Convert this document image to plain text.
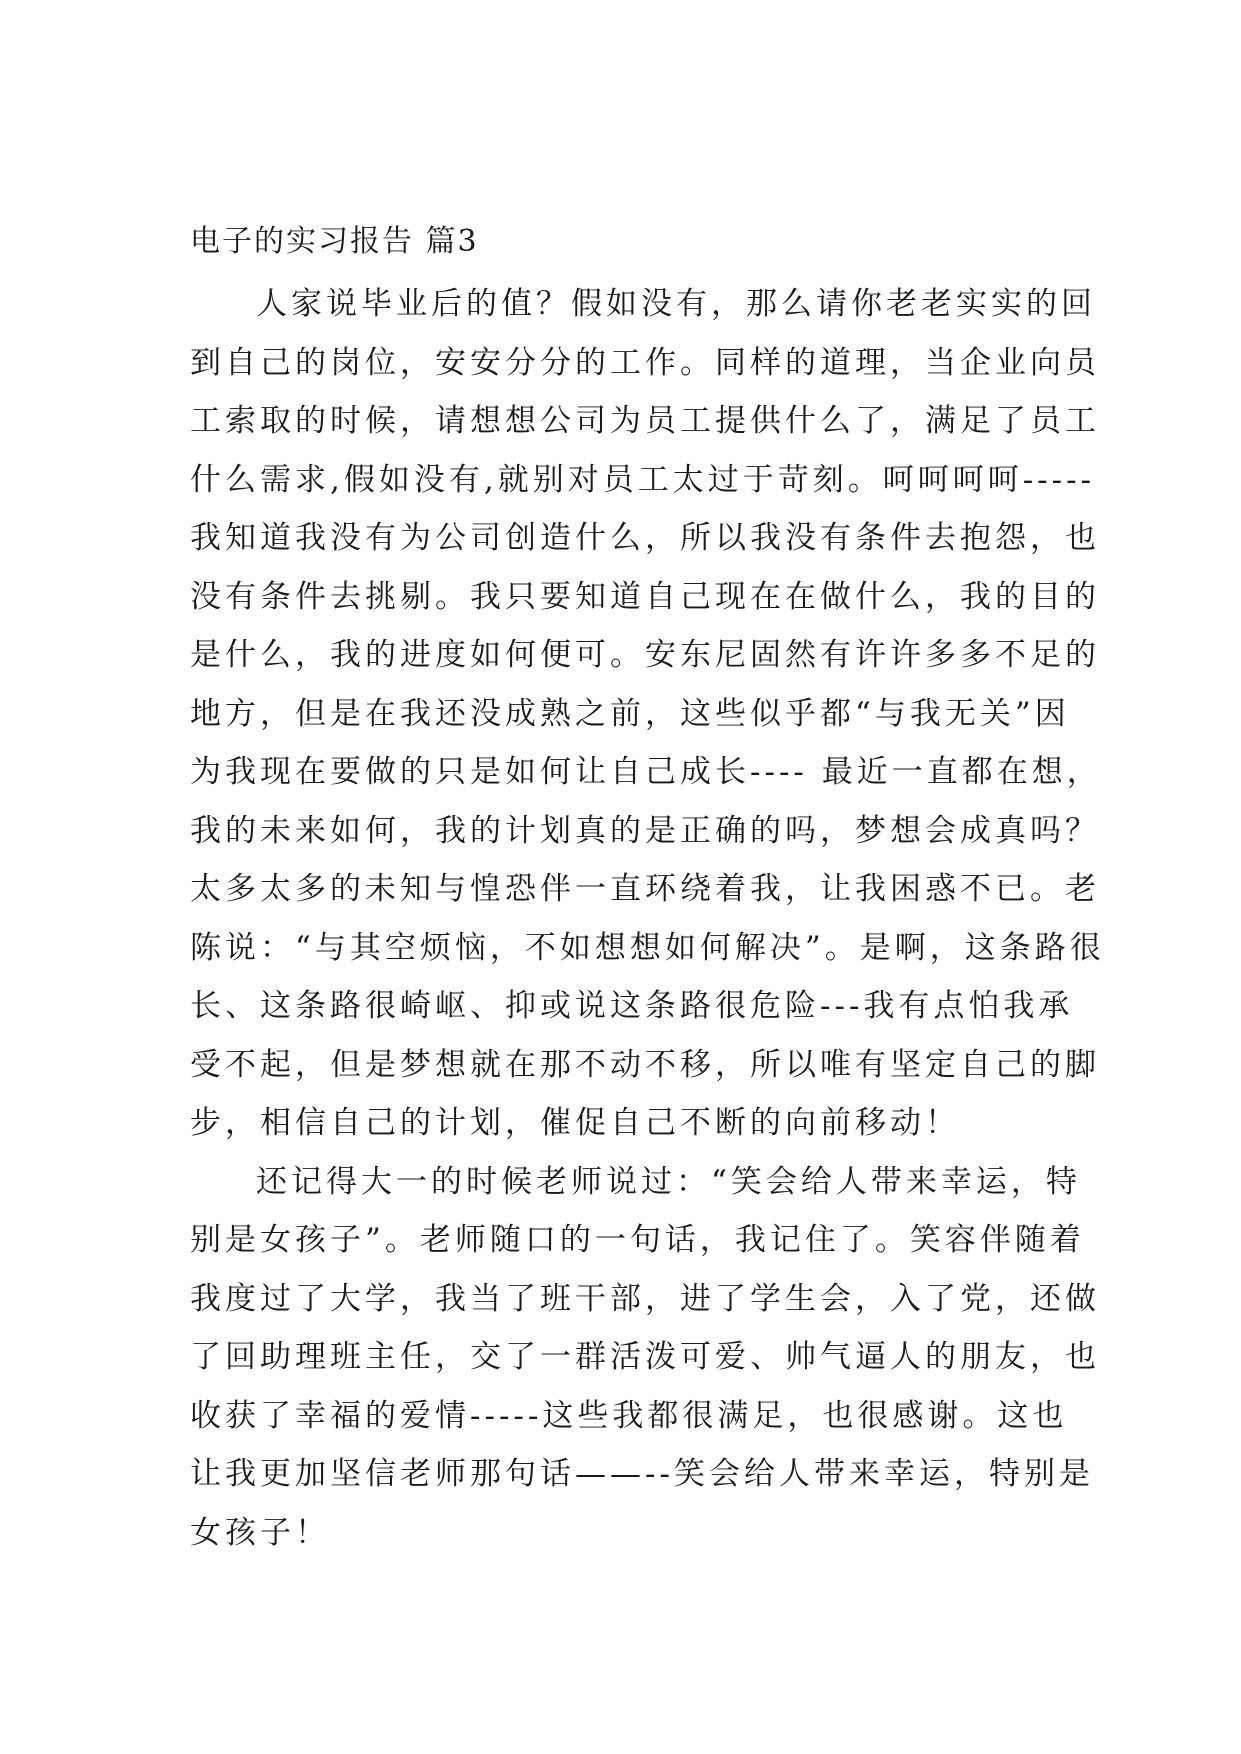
电子的实习报告 篇3
人家说毕业后的值？假如没有，那么请你老老实实的回
到自己的岗位，安安分分的工作。同样的道理，当企业向员
工索取的时候，请想想公司为员工提供什么了，满足了员工
什么需求,假如没有,就别对员工太过于苛刻。呵呵呵呵-----
我知道我没有为公司创造什么，所以我没有条件去抱怨，也
没有条件去挑剔。我只要知道自己现在在做什么，我的目的
是什么，我的进度如何便可。安东尼固然有许许多多不足的
地方，但是在我还没成熟之前，这些似乎都“与我无关”因
为我现在要做的只是如何让自己成长---- 最近一直都在想，
我的未来如何，我的计划真的是正确的吗，梦想会成真吗？
太多太多的未知与惶恐伴一直环绕着我，让我困惑不已。老
陈说：“与其空烦恼，不如想想如何解决”。是啊，这条路很
长、这条路很崎岖、抑或说这条路很危险---我有点怕我承
受不起，但是梦想就在那不动不移，所以唯有坚定自己的脚
步，相信自己的计划，催促自己不断的向前移动！
还记得大一的时候老师说过：“笑会给人带来幸运，特
别是女孩子”。老师随口的一句话，我记住了。笑容伴随着
我度过了大学，我当了班干部，进了学生会，入了党，还做
了回助理班主任，交了一群活泼可爱、帅气逼人的朋友，也
收获了幸福的爱情-----这些我都很满足，也很感谢。这也
让我更加坚信老师那句话——--笑会给人带来幸运，特别是
女孩子！
